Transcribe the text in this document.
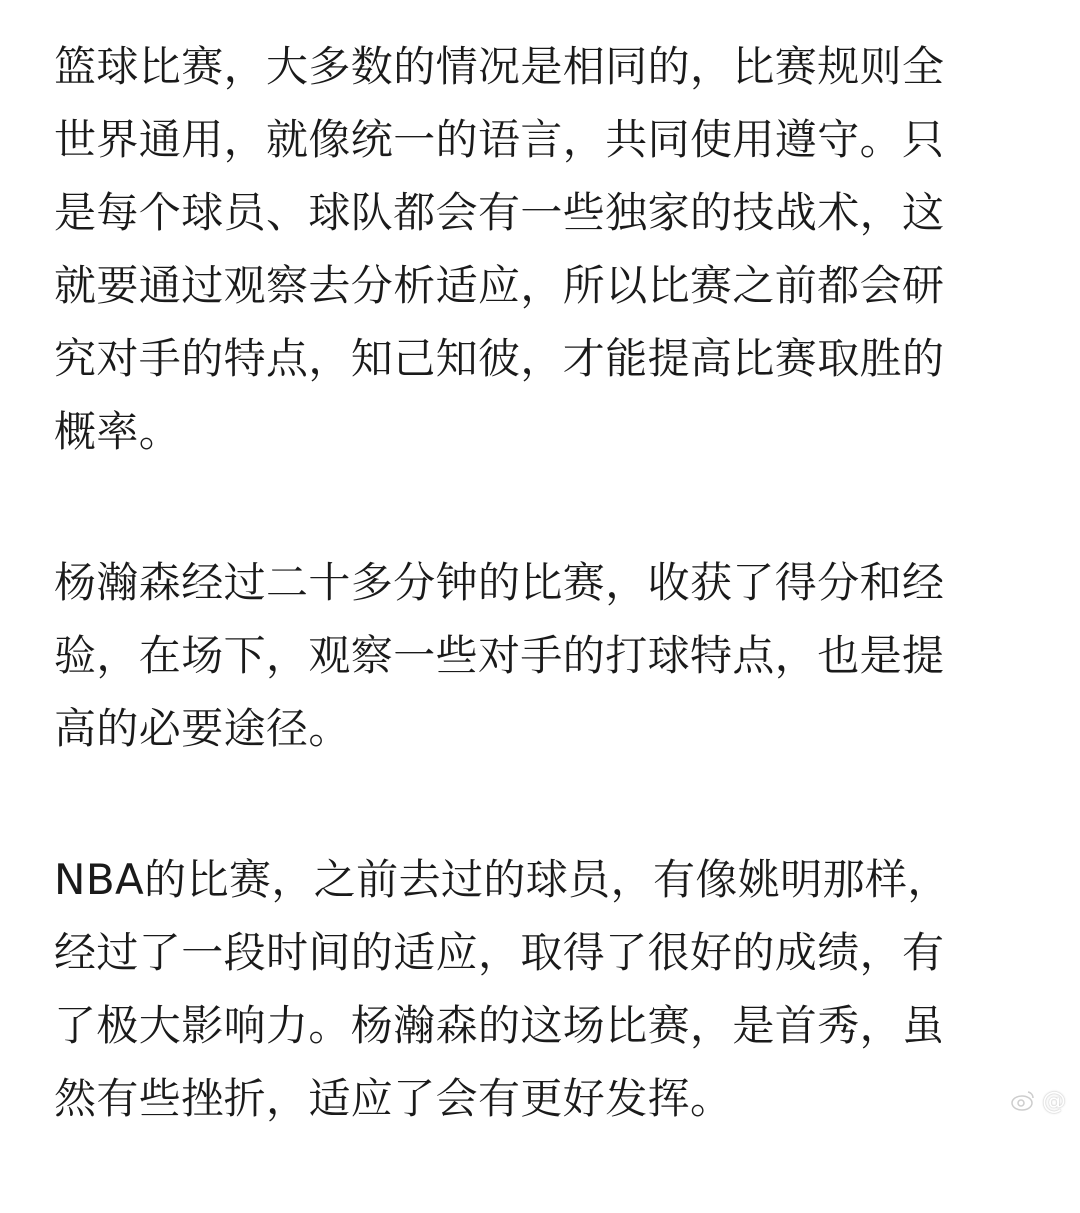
篮球比赛，大多数的情况是相同的，比赛规则全
世界通用，就像统一的语言，共同使用遵守。只
是每个球员、球队都会有一些独家的技战术，这
就要通过观察去分析适应，所以比赛之前都会研
究对手的特点，知己知彼，才能提高比赛取胜的
概率。

杨瀚森经过二十多分钟的比赛，收获了得分和经
验，在场下，观察一些对手的打球特点，也是提
高的必要途径。

NBA的比赛，之前去过的球员，有像姚明那样，
经过了一段时间的适应，取得了很好的成绩，有
了极大影响力。杨瀚森的这场比赛，是首秀，虽
然有些挫折，适应了会有更好发挥。	@
